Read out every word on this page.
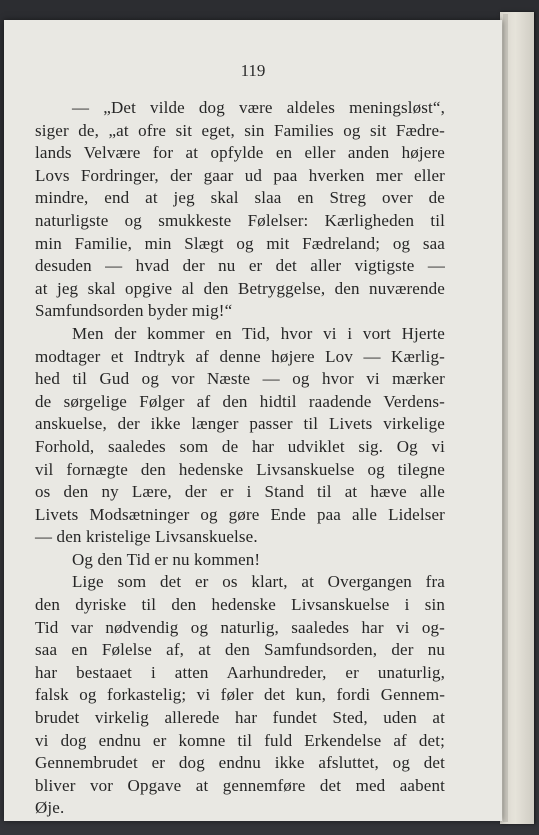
119
— „Det vilde dog være aldeles meningsløst“,
siger de, „at ofre sit eget, sin Families og sit Fædre-
lands Velvære for at opfylde en eller anden højere
Lovs Fordringer, der gaar ud paa hverken mer eller
mindre, end at jeg skal slaa en Streg over de
naturligste og smukkeste Følelser: Kærligheden til
min Familie, min Slægt og mit Fædreland; og saa
desuden — hvad der nu er det aller vigtigste —
at jeg skal opgive al den Betryggelse, den nuværende
Samfundsorden byder mig!“
Men der kommer en Tid, hvor vi i vort Hjerte
modtager et Indtryk af denne højere Lov — Kærlig-
hed til Gud og vor Næste — og hvor vi mærker
de sørgelige Følger af den hidtil raadende Verdens-
anskuelse, der ikke længer passer til Livets virkelige
Forhold, saaledes som de har udviklet sig. Og vi
vil fornægte den hedenske Livsanskuelse og tilegne
os den ny Lære, der er i Stand til at hæve alle
Livets Modsætninger og gøre Ende paa alle Lidelser
— den kristelige Livsanskuelse.
Og den Tid er nu kommen!
Lige som det er os klart, at Overgangen fra
den dyriske til den hedenske Livsanskuelse i sin
Tid var nødvendig og naturlig, saaledes har vi og-
saa en Følelse af, at den Samfundsorden, der nu
har bestaaet i atten Aarhundreder, er unaturlig,
falsk og forkastelig; vi føler det kun, fordi Gennem-
brudet virkelig allerede har fundet Sted, uden at
vi dog endnu er komne til fuld Erkendelse af det;
Gennembrudet er dog endnu ikke afsluttet, og det
bliver vor Opgave at gennemføre det med aabent
Øje.
